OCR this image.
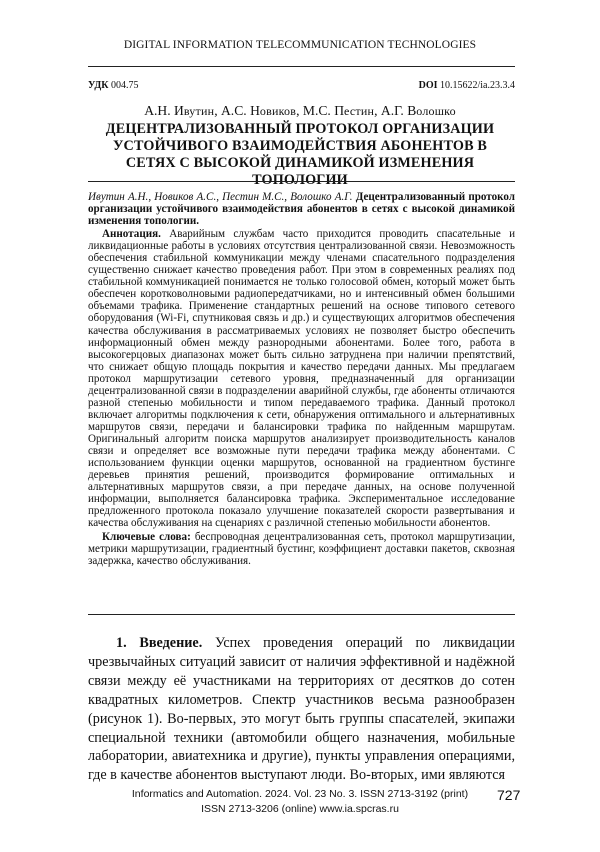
DIGITAL INFORMATION TELECOMMUNICATION TECHNOLOGIES
УДК 004.75	DOI 10.15622/ia.23.3.4
А.Н. Ивутин, А.С. Новиков, М.С. Пестин, А.Г. Волошко
ДЕЦЕНТРАЛИЗОВАННЫЙ ПРОТОКОЛ ОРГАНИЗАЦИИ УСТОЙЧИВОГО ВЗАИМОДЕЙСТВИЯ АБОНЕНТОВ В СЕТЯХ С ВЫСОКОЙ ДИНАМИКОЙ ИЗМЕНЕНИЯ ТОПОЛОГИИ

Ивутин А.Н., Новиков А.С., Пестин М.С., Волошко А.Г. Децентрализованный протокол организации устойчивого взаимодействия абонентов в сетях с высокой динамикой изменения топологии.

Аннотация. Аварийным службам часто приходится проводить спасательные и ликвидационные работы в условиях отсутствия централизованной связи. Невозможность обеспечения стабильной коммуникации между членами спасательного подразделения существенно снижает качество проведения работ. При этом в современных реалиях под стабильной коммуникацией понимается не только голосовой обмен, который может быть обеспечен коротковолновыми радиопередатчиками, но и интенсивный обмен большими объемами трафика. Применение стандартных решений на основе типового сетевого оборудования (Wi-Fi, спутниковая связь и др.) и существующих алгоритмов обеспечения качества обслуживания в рассматриваемых условиях не позволяет быстро обеспечить информационный обмен между разнородными абонентами. Более того, работа в высокогерцовых диапазонах может быть сильно затруднена при наличии препятствий, что снижает общую площадь покрытия и качество передачи данных. Мы предлагаем протокол маршрутизации сетевого уровня, предназначенный для организации децентрализованной связи в подразделении аварийной службы, где абоненты отличаются разной степенью мобильности и типом передаваемого трафика. Данный протокол включает алгоритмы подключения к сети, обнаружения оптимального и альтернативных маршрутов связи, передачи и балансировки трафика по найденным маршрутам. Оригинальный алгоритм поиска маршрутов анализирует производительность каналов связи и определяет все возможные пути передачи трафика между абонентами. С использованием функции оценки маршрутов, основанной на градиентном бустинге деревьев принятия решений, производится формирование оптимальных и альтернативных маршрутов связи, а при передаче данных, на основе полученной информации, выполняется балансировка трафика. Экспериментальное исследование предложенного протокола показало улучшение показателей скорости развертывания и качества обслуживания на сценариях с различной степенью мобильности абонентов.

Ключевые слова: беспроводная децентрализованная сеть, протокол маршрутизации, метрики маршрутизации, градиентный бустинг, коэффициент доставки пакетов, сквозная задержка, качество обслуживания.

1. Введение. Успех проведения операций по ликвидации чрезвычайных ситуаций зависит от наличия эффективной и надёжной связи между её участниками на территориях от десятков до сотен квадратных километров. Спектр участников весьма разнообразен (рисунок 1). Во-первых, это могут быть группы спасателей, экипажи специальной техники (автомобили общего назначения, мобильные лаборатории, авиатехника и другие), пункты управления операциями, где в качестве абонентов выступают люди. Во-вторых, ими являются

Informatics and Automation. 2024. Vol. 23 No. 3. ISSN 2713-3192 (print)
ISSN 2713-3206 (online) www.ia.spcras.ru
727
